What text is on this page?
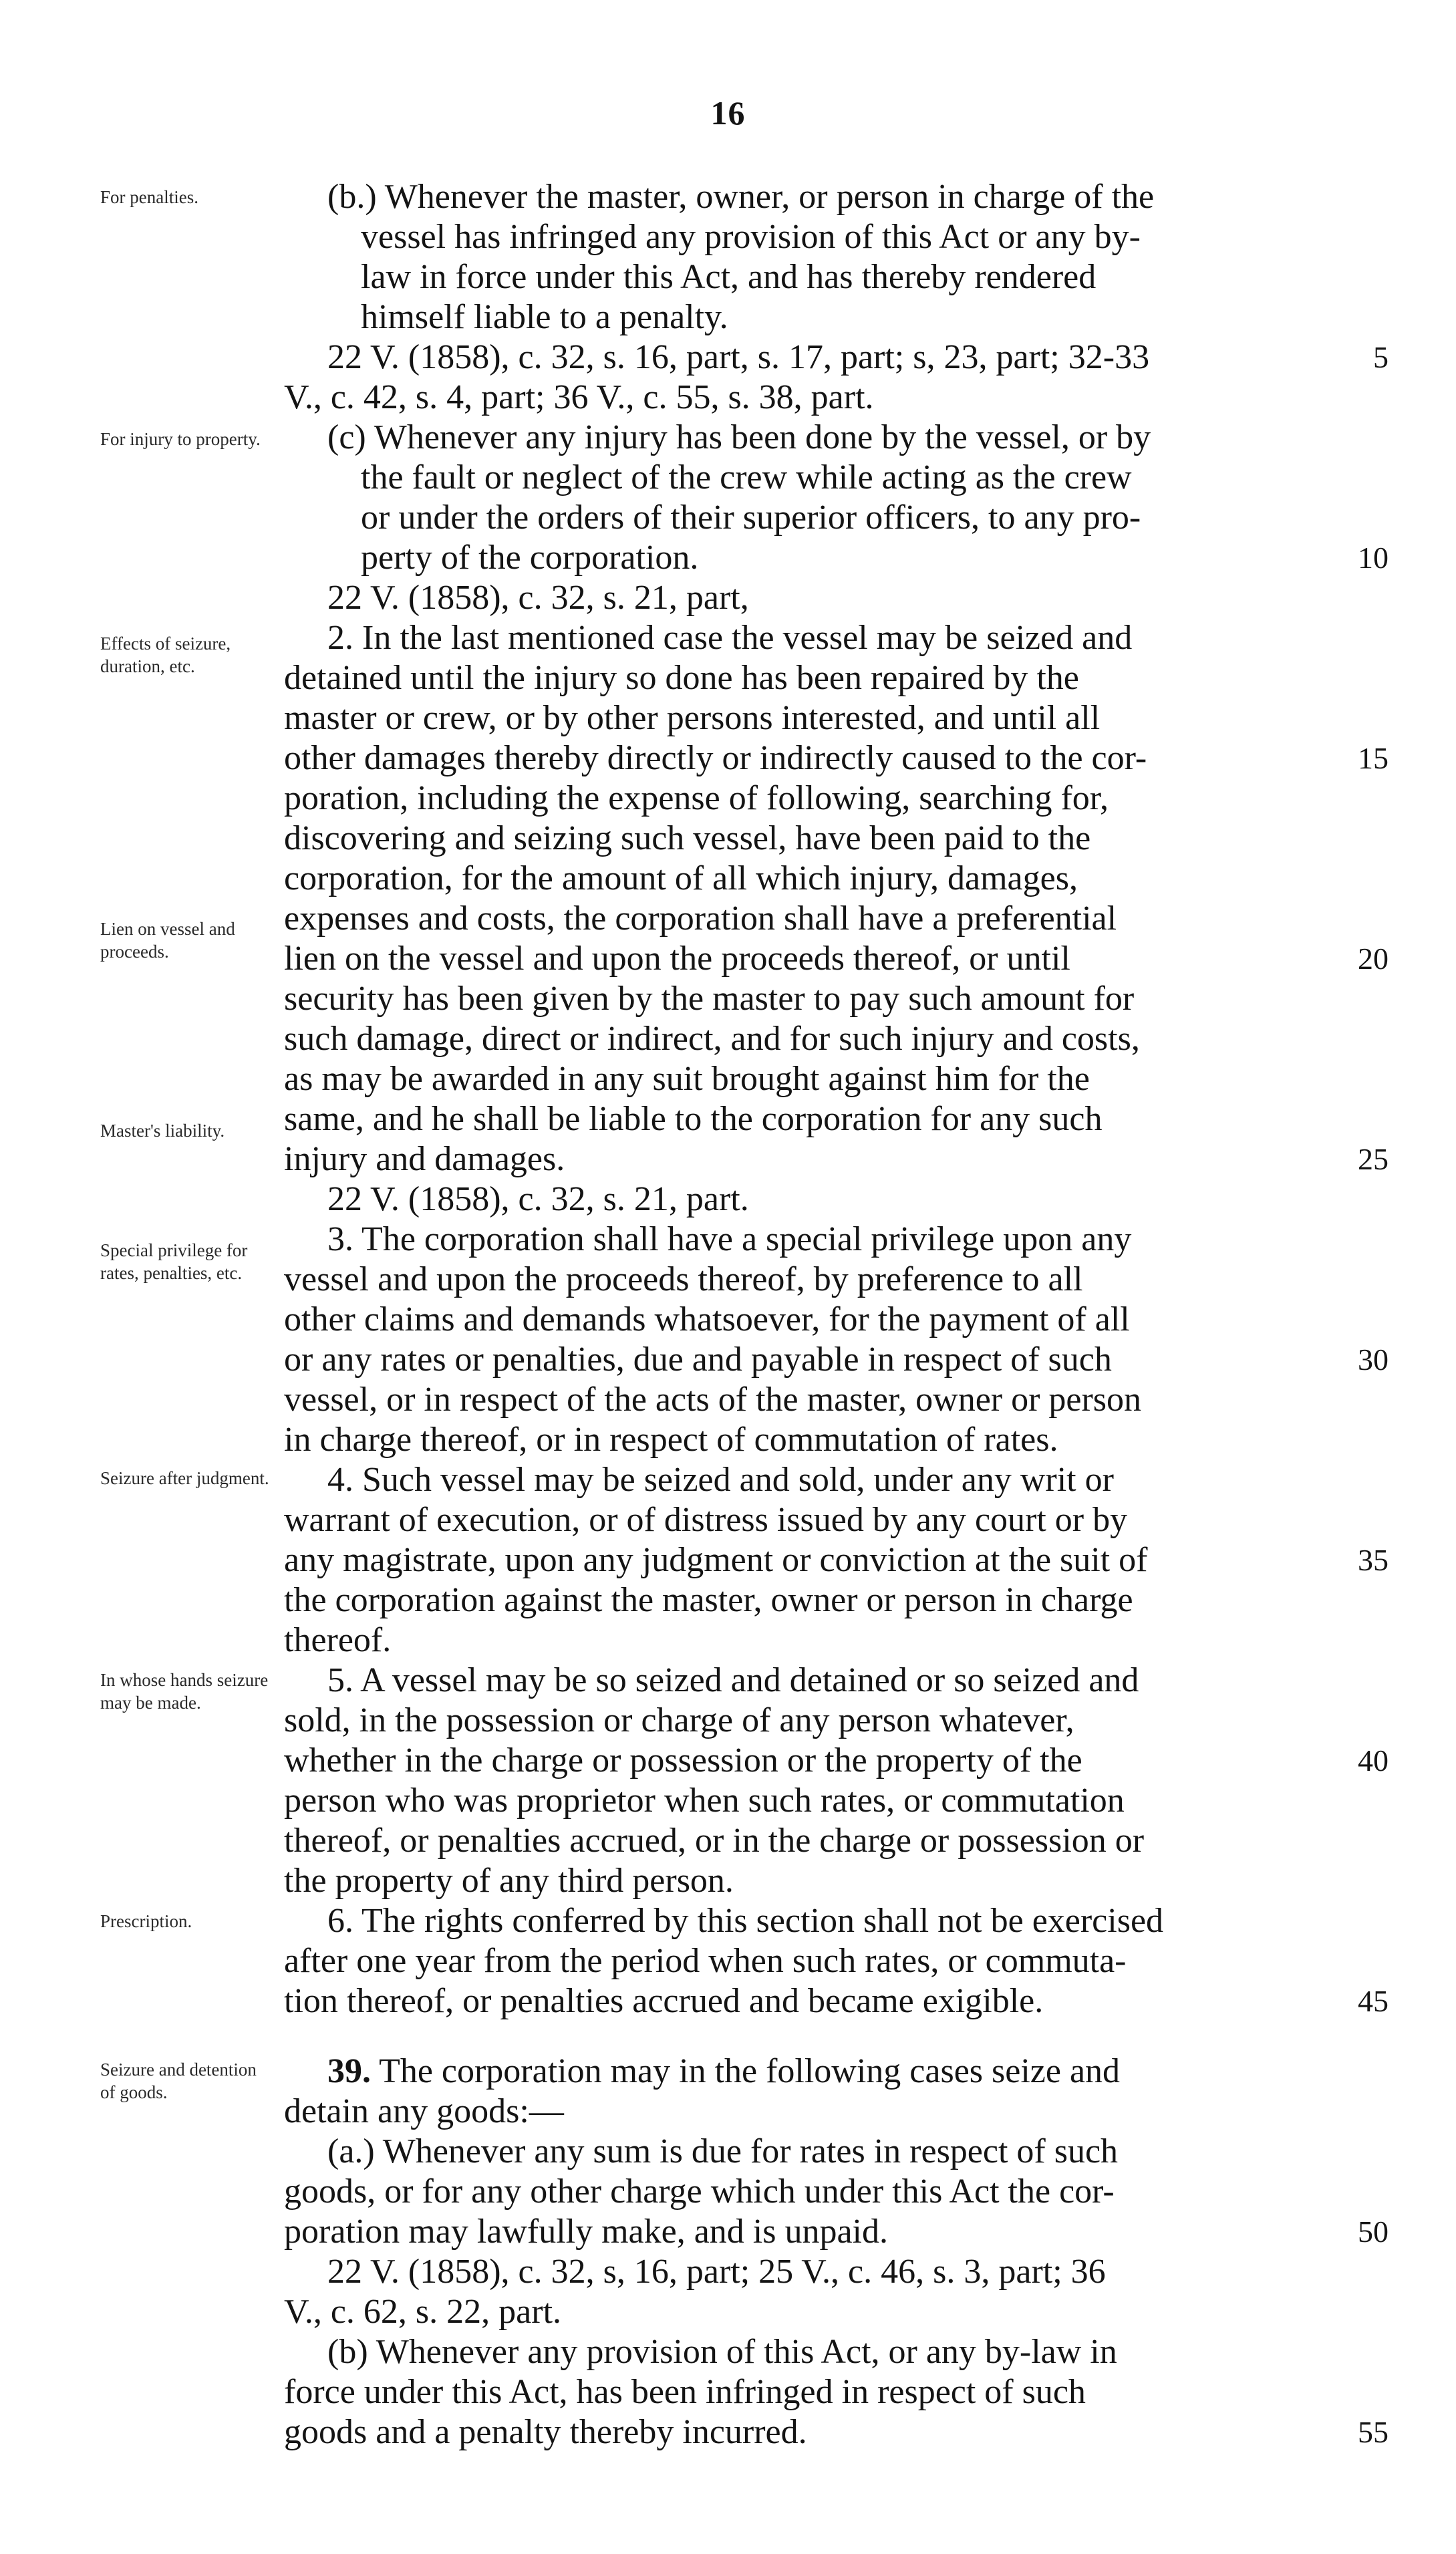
16
For penalties.
For injury to property.
Effects of seizure, duration, etc.
Lien on vessel and proceeds.
Master's liability.
Special privilege for rates, penalties, etc.
Seizure after judgment.
In whose hands seizure may be made.
Prescription.
Seizure and detention of goods.
(b.) Whenever the master, owner, or person in charge of the
vessel has infringed any provision of this Act or any by-
law in force under this Act, and has thereby rendered
himself liable to a penalty.
22 V. (1858), c. 32, s. 16, part, s. 17, part; s, 23, part; 32-33
V., c. 42, s. 4, part; 36 V., c. 55, s. 38, part.
(c) Whenever any injury has been done by the vessel, or by
the fault or neglect of the crew while acting as the crew
or under the orders of their superior officers, to any pro-
perty of the corporation.
22 V. (1858), c. 32, s. 21, part,
2. In the last mentioned case the vessel may be seized and
detained until the injury so done has been repaired by the
master or crew, or by other persons interested, and until all
other damages thereby directly or indirectly caused to the cor-
poration, including the expense of following, searching for,
discovering and seizing such vessel, have been paid to the
corporation, for the amount of all which injury, damages,
expenses and costs, the corporation shall have a preferential
lien on the vessel and upon the proceeds thereof, or until
security has been given by the master to pay such amount for
such damage, direct or indirect, and for such injury and costs,
as may be awarded in any suit brought against him for the
same, and he shall be liable to the corporation for any such
injury and damages.
22 V. (1858), c. 32, s. 21, part.
3. The corporation shall have a special privilege upon any
vessel and upon the proceeds thereof, by preference to all
other claims and demands whatsoever, for the payment of all
or any rates or penalties, due and payable in respect of such
vessel, or in respect of the acts of the master, owner or person
in charge thereof, or in respect of commutation of rates.
4. Such vessel may be seized and sold, under any writ or
warrant of execution, or of distress issued by any court or by
any magistrate, upon any judgment or conviction at the suit of
the corporation against the master, owner or person in charge
thereof.
5. A vessel may be so seized and detained or so seized and
sold, in the possession or charge of any person whatever,
whether in the charge or possession or the property of the
person who was proprietor when such rates, or commutation
thereof, or penalties accrued, or in the charge or possession or
the property of any third person.
6. The rights conferred by this section shall not be exercised
after one year from the period when such rates, or commuta-
tion thereof, or penalties accrued and became exigible.
39. The corporation may in the following cases seize and
detain any goods:—
(a.) Whenever any sum is due for rates in respect of such
goods, or for any other charge which under this Act the cor-
poration may lawfully make, and is unpaid.
22 V. (1858), c. 32, s, 16, part; 25 V., c. 46, s. 3, part; 36
V., c. 62, s. 22, part.
(b) Whenever any provision of this Act, or any by-law in
force under this Act, has been infringed in respect of such
goods and a penalty thereby incurred.
5
10
15
20
25
30
35
40
45
50
55
